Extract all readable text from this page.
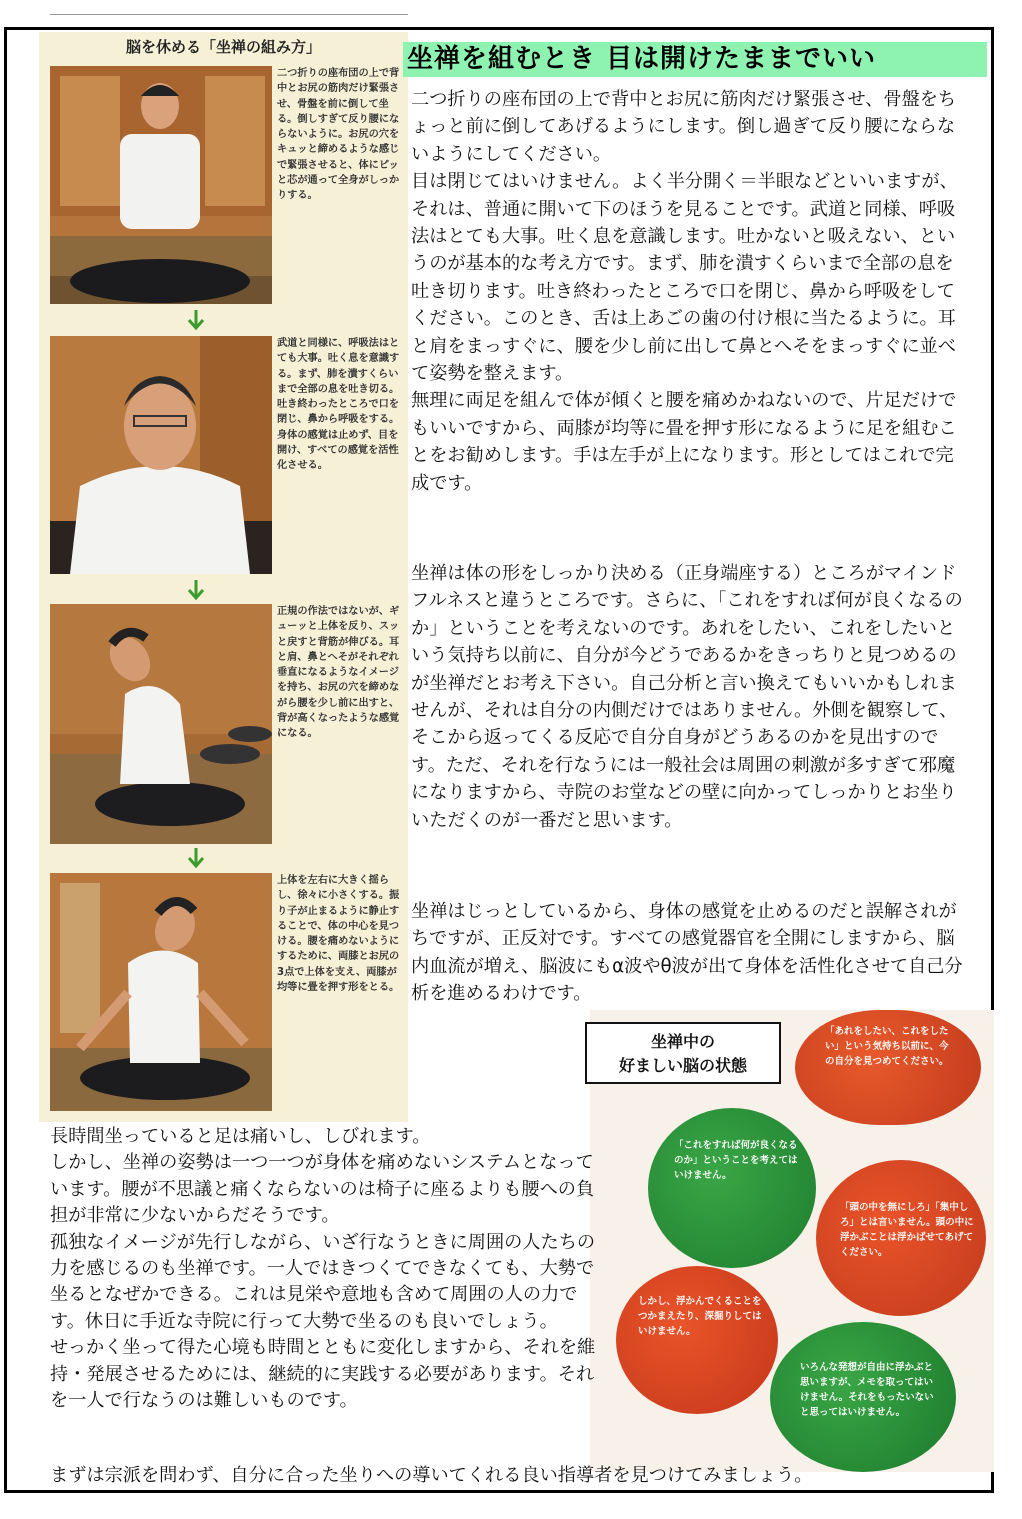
脳を休める「坐禅の組み方」
二つ折りの座布団の上で背中とお尻の筋肉だけ緊張させ、骨盤を前に倒して坐る。倒しすぎて反り腰にならないように。お尻の穴をキュッと締めるような感じで緊張させると、体にピッと芯が通って全身がしっかりする。
武道と同様に、呼吸法はとても大事。吐く息を意識する。まず、肺を潰すくらいまで全部の息を吐き切る。吐き終わったところで口を閉じ、鼻から呼吸をする。身体の感覚は止めず、目を開け、すべての感覚を活性化させる。
正規の作法ではないが、ギューッと上体を反り、スッと戻すと背筋が伸びる。耳と肩、鼻とへそがそれぞれ垂直になるようなイメージを持ち、お尻の穴を締めながら腰を少し前に出すと、背が高くなったような感覚になる。
上体を左右に大きく揺らし、徐々に小さくする。振り子が止まるように静止することで、体の中心を見つける。腰を痛めないようにするために、両膝とお尻の3点で上体を支え、両膝が均等に畳を押す形をとる。
坐禅を組むとき 目は開けたままでいい
二つ折りの座布団の上で背中とお尻に筋肉だけ緊張させ、骨盤をちょっと前に倒してあげるようにします。倒し過ぎて反り腰にならないようにしてください。
目は閉じてはいけません。よく半分開く＝半眼などといいますが、それは、普通に開いて下のほうを見ることです。武道と同様、呼吸法はとても大事。吐く息を意識します。吐かないと吸えない、というのが基本的な考え方です。まず、肺を潰すくらいまで全部の息を吐き切ります。吐き終わったところで口を閉じ、鼻から呼吸をしてください。このとき、舌は上あごの歯の付け根に当たるように。耳と肩をまっすぐに、腰を少し前に出して鼻とへそをまっすぐに並べて姿勢を整えます。
無理に両足を組んで体が傾くと腰を痛めかねないので、片足だけでもいいですから、両膝が均等に畳を押す形になるように足を組むことをお勧めします。手は左手が上になります。形としてはこれで完成です。
坐禅は体の形をしっかり決める（正身端座する）ところがマインドフルネスと違うところです。さらに、「これをすれば何が良くなるのか」ということを考えないのです。あれをしたい、これをしたいという気持ち以前に、自分が今どうであるかをきっちりと見つめるのが坐禅だとお考え下さい。自己分析と言い換えてもいいかもしれませんが、それは自分の内側だけではありません。外側を観察して、そこから返ってくる反応で自分自身がどうあるのかを見出すのです。ただ、それを行なうには一般社会は周囲の刺激が多すぎて邪魔になりますから、寺院のお堂などの壁に向かってしっかりとお坐りいただくのが一番だと思います。
坐禅はじっとしているから、身体の感覚を止めるのだと誤解されがちですが、正反対です。すべての感覚器官を全開にしますから、脳内血流が増え、脳波にもα波やθ波が出て身体を活性化させて自己分析を進めるわけです。
坐禅中の
好ましい脳の状態
「あれをしたい、これをしたい」という気持ち以前に、今の自分を見つめてください。
「これをすれば何が良くなるのか」ということを考えてはいけません。
「頭の中を無にしろ」「集中しろ」とは言いません。頭の中に浮かぶことは浮かばせてあげてください。
しかし、浮かんでくることをつかまえたり、深掘りしてはいけません。
いろんな発想が自由に浮かぶと思いますが、メモを取ってはいけません。それをもったいないと思ってはいけません。
長時間坐っていると足は痛いし、しびれます。
しかし、坐禅の姿勢は一つ一つが身体を痛めないシステムとなっています。腰が不思議と痛くならないのは椅子に座るよりも腰への負担が非常に少ないからだそうです。
孤独なイメージが先行しながら、いざ行なうときに周囲の人たちの力を感じるのも坐禅です。一人ではきつくてできなくても、大勢で坐るとなぜかできる。これは見栄や意地も含めて周囲の人の力です。休日に手近な寺院に行って大勢で坐るのも良いでしょう。
せっかく坐って得た心境も時間とともに変化しますから、それを維持・発展させるためには、継続的に実践する必要があります。それを一人で行なうのは難しいものです。
まずは宗派を問わず、自分に合った坐りへの導いてくれる良い指導者を見つけてみましょう。
